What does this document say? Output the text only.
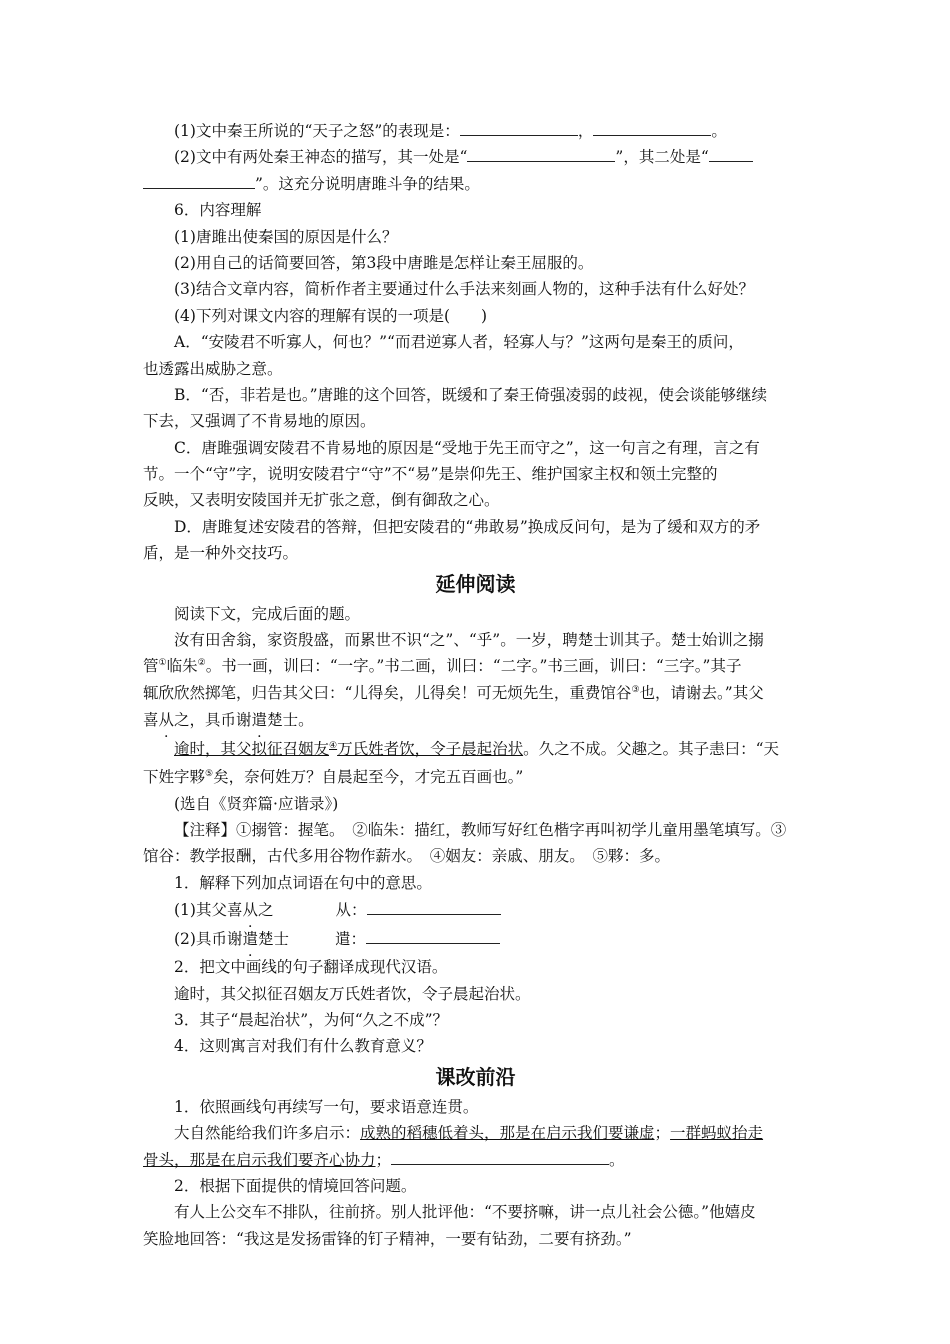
(1)文中秦王所说的“天子之怒”的表现是：	，	。
(2)文中有两处秦王神态的描写，其一处是“	”，其二处是“
”。这充分说明唐雎斗争的结果。
6．内容理解
(1)唐雎出使秦国的原因是什么？
(2)用自己的话简要回答，第3段中唐雎是怎样让秦王屈服的。
(3)结合文章内容，简析作者主要通过什么手法来刻画人物的，这种手法有什么好处？
(4)下列对课文内容的理解有误的一项是(　　)
A．“安陵君不听寡人，何也？”“而君逆寡人者，轻寡人与？”这两句是秦王的质问，
也透露出威胁之意。
B．“否，非若是也。”唐雎的这个回答，既缓和了秦王倚强凌弱的歧视，使会谈能够继续
下去，又强调了不肯易地的原因。
C．唐雎强调安陵君不肯易地的原因是“受地于先王而守之”，这一句言之有理，言之有
节。一个“守”字，说明安陵君宁“守”不“易”是崇仰先王、维护国家主权和领土完整的
反映，又表明安陵国并无扩张之意，倒有御敌之心。
D．唐雎复述安陵君的答辩，但把安陵君的“弗敢易”换成反问句，是为了缓和双方的矛
盾，是一种外交技巧。
延伸阅读
阅读下文，完成后面的题。
汝有田舍翁，家资殷盛，而累世不识“之”、“乎”。一岁，聘楚士训其子。楚士始训之搦
管①临朱②。书一画，训曰：“一字。”书二画，训曰：“二字。”书三画，训曰：“三字。”其子
辄欣欣然掷笔，归告其父曰：“儿得矣，儿得矣！可无烦先生，重费馆谷③也，请谢去。”其父
喜从之，具币谢遣楚士。
逾时，其父拟征召姻友④万氏姓者饮，令子晨起治状。久之不成。父趣之。其子恚曰：“天
下姓字夥⑤矣，奈何姓万？自晨起至今，才完五百画也。”
(选自《贤弈篇·应谐录》)
【注释】①搦管：握笔。　②临朱：描红，教师写好红色楷字再叫初学儿童用墨笔填写。③
馆谷：教学报酬，古代多用谷物作薪水。　④姻友：亲戚、朋友。　⑤夥：多。
1．解释下列加点词语在句中的意思。
(1)其父喜从之	从：
(2)具币谢遣楚士	遣：
2．把文中画线的句子翻译成现代汉语。
逾时，其父拟征召姻友万氏姓者饮，令子晨起治状。
3．其子“晨起治状”，为何“久之不成”？
4．这则寓言对我们有什么教育意义？
课改前沿
1．依照画线句再续写一句，要求语意连贯。
大自然能给我们许多启示：成熟的稻穗低着头，那是在启示我们要谦虚；一群蚂蚁抬走
骨头，那是在启示我们要齐心协力；	。
2．根据下面提供的情境回答问题。
有人上公交车不排队，往前挤。别人批评他：“不要挤嘛，讲一点儿社会公德。”他嬉皮
笑脸地回答：“我这是发扬雷锋的钉子精神，一要有钻劲，二要有挤劲。”
